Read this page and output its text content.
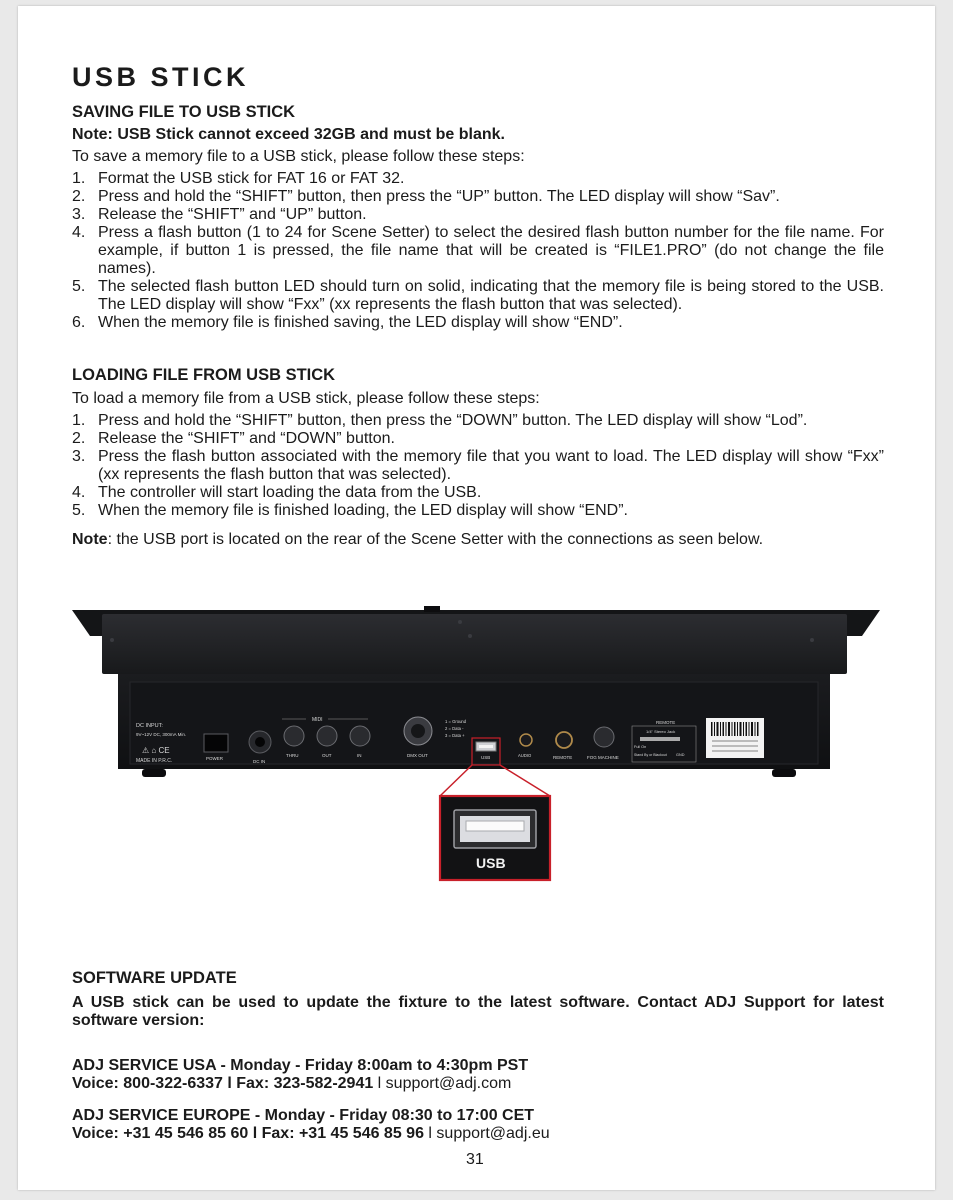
USB STICK

SAVING FILE TO USB STICK

Note: USB Stick cannot exceed 32GB and must be blank.

To save a memory file to a USB stick, please follow these steps:

1. Format the USB stick for FAT 16 or FAT 32.
2. Press and hold the “SHIFT” button, then press the “UP” button. The LED display will show “Sav”.
3. Release the “SHIFT” and “UP” button.
4. Press a flash button (1 to 24 for Scene Setter) to select the desired flash button number for the file name. For example, if button 1 is pressed, the file name that will be created is “FILE1.PRO” (do not change the file names).
5. The selected flash button LED should turn on solid, indicating that the memory file is being stored to the USB. The LED display will show “Fxx” (xx represents the flash button that was selected).
6. When the memory file is finished saving, the LED display will show “END”.

LOADING FILE FROM USB STICK

To load a memory file from a USB stick, please follow these steps:

1. Press and hold the “SHIFT” button, then press the “DOWN” button. The LED display will show “Lod”.
2. Release the “SHIFT” and “DOWN” button.
3. Press the flash button associated with the memory file that you want to load. The LED display will show “Fxx” (xx represents the flash button that was selected).
4. The controller will start loading the data from the USB.
5. When the memory file is finished loading, the LED display will show “END”.

Note: the USB port is located on the rear of the Scene Setter with the connections as seen below.

DC INPUT:
9V~12V DC, 300mA Min.
MADE IN P.R.C.
⚠ ⌂ CE
POWER
DC IN
MIDI
THRU	OUT	IN	DMX OUT
1 = Ground
2 = Data -
3 = Data +
USB	AUDIO	REMOTE	FOG MACHINE
REMOTE
1/4" Stereo Jack
Full On
Stand By or Blackout GND
USB

SOFTWARE UPDATE

A USB stick can be used to update the fixture to the latest software. Contact ADJ Support for latest software version:

ADJ SERVICE USA - Monday - Friday 8:00am to 4:30pm PST

Voice: 800-322-6337 l Fax: 323-582-2941 l support@adj.com

ADJ SERVICE EUROPE - Monday - Friday 08:30 to 17:00 CET

Voice: +31 45 546 85 60 l Fax: +31 45 546 85 96 l support@adj.eu

31
